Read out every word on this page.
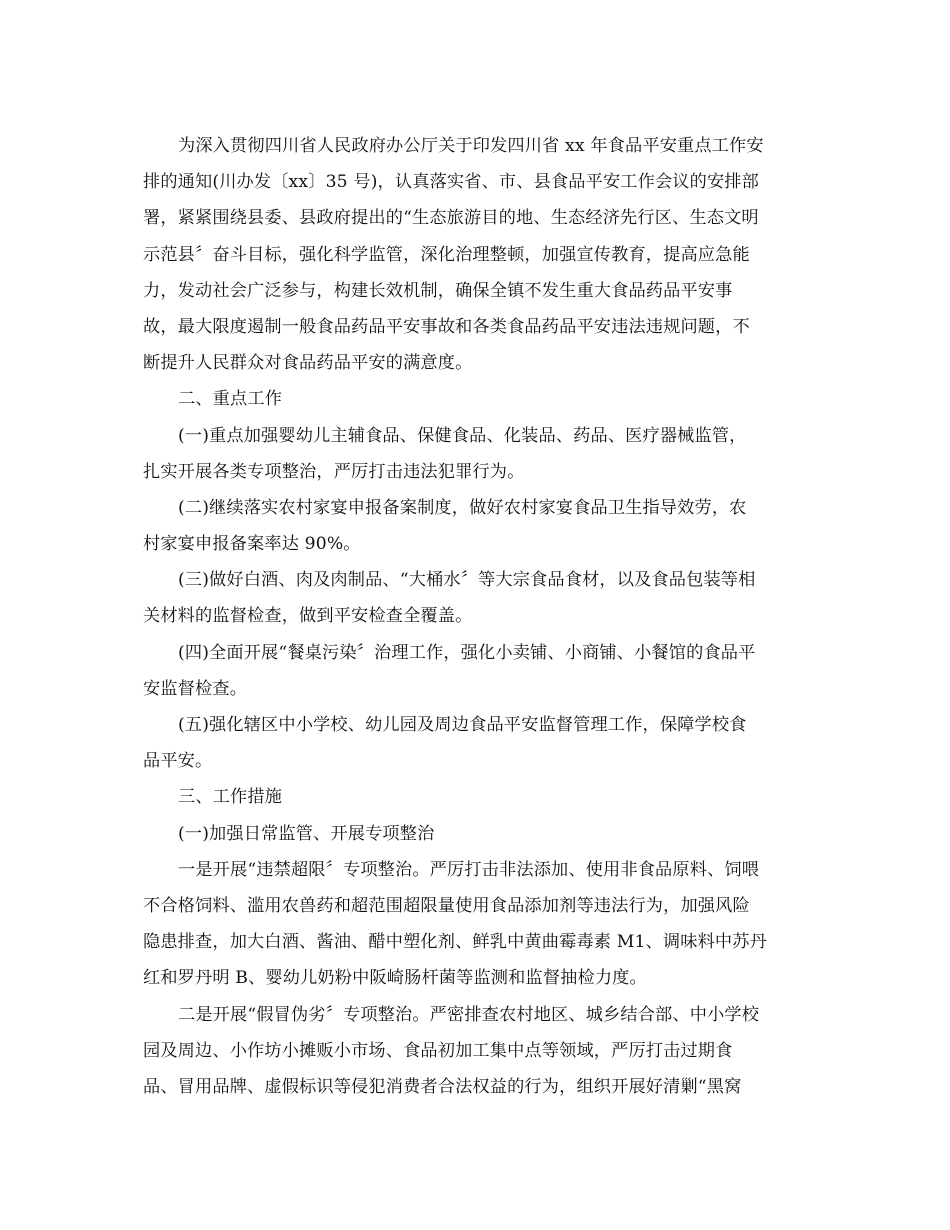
为深入贯彻四川省人民政府办公厅关于印发四川省 xx 年食品平安重点工作安
排的通知(川办发〔xx〕35 号)，认真落实省、市、县食品平安工作会议的安排部
署，紧紧围绕县委、县政府提出的“生态旅游目的地、生态经济先行区、生态文明
示范县〞奋斗目标，强化科学监管，深化治理整顿，加强宣传教育，提高应急能
力，发动社会广泛参与，构建长效机制，确保全镇不发生重大食品药品平安事
故，最大限度遏制一般食品药品平安事故和各类食品药品平安违法违规问题，不
断提升人民群众对食品药品平安的满意度。
二、重点工作
(一)重点加强婴幼儿主辅食品、保健食品、化装品、药品、医疗器械监管，
扎实开展各类专项整治，严厉打击违法犯罪行为。
(二)继续落实农村家宴申报备案制度，做好农村家宴食品卫生指导效劳，农
村家宴申报备案率达 90%。
(三)做好白酒、肉及肉制品、“大桶水〞等大宗食品食材，以及食品包装等相
关材料的监督检查，做到平安检查全覆盖。
(四)全面开展“餐桌污染〞治理工作，强化小卖铺、小商铺、小餐馆的食品平
安监督检查。
(五)强化辖区中小学校、幼儿园及周边食品平安监督管理工作，保障学校食
品平安。
三、工作措施
(一)加强日常监管、开展专项整治
一是开展“违禁超限〞专项整治。严厉打击非法添加、使用非食品原料、饲喂
不合格饲料、滥用农兽药和超范围超限量使用食品添加剂等违法行为，加强风险
隐患排查，加大白酒、酱油、醋中塑化剂、鲜乳中黄曲霉毒素 M1、调味料中苏丹
红和罗丹明 B、婴幼儿奶粉中阪崎肠杆菌等监测和监督抽检力度。
二是开展“假冒伪劣〞专项整治。严密排查农村地区、城乡结合部、中小学校
园及周边、小作坊小摊贩小市场、食品初加工集中点等领域，严厉打击过期食
品、冒用品牌、虚假标识等侵犯消费者合法权益的行为，组织开展好清剿“黑窝
